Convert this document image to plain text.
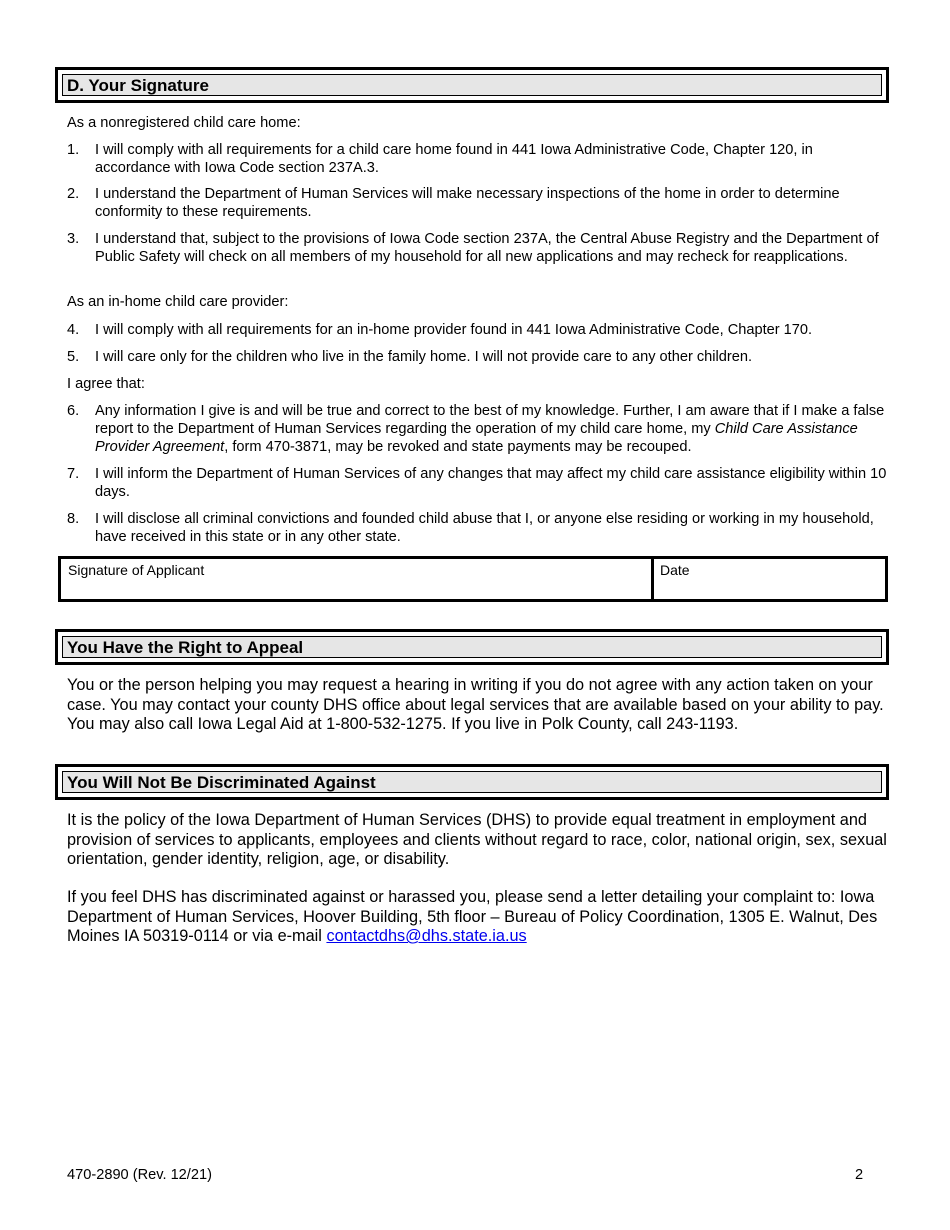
D. Your Signature

As a nonregistered child care home:

1.	I will comply with all requirements for a child care home found in 441 Iowa Administrative Code, Chapter 120, in accordance with Iowa Code section 237A.3.
2.	I understand the Department of Human Services will make necessary inspections of the home in order to determine conformity to these requirements.
3.	I understand that, subject to the provisions of Iowa Code section 237A, the Central Abuse Registry and the Department of Public Safety will check on all members of my household for all new applications and may recheck for reapplications.

As an in-home child care provider:

4.	I will comply with all requirements for an in-home provider found in 441 Iowa Administrative Code, Chapter 170.
5.	I will care only for the children who live in the family home. I will not provide care to any other children.

I agree that:

6.	Any information I give is and will be true and correct to the best of my knowledge. Further, I am aware that if I make a false report to the Department of Human Services regarding the operation of my child care home, my Child Care Assistance Provider Agreement, form 470-3871, may be revoked and state payments may be recouped.
7.	I will inform the Department of Human Services of any changes that may affect my child care assistance eligibility within 10 days.
8.	I will disclose all criminal convictions and founded child abuse that I, or anyone else residing or working in my household, have received in this state or in any other state.
Signature of Applicant	Date
You Have the Right to Appeal

You or the person helping you may request a hearing in writing if you do not agree with any action taken on your case. You may contact your county DHS office about legal services that are available based on your ability to pay. You may also call Iowa Legal Aid at 1-800-532-1275. If you live in Polk County, call 243-1193.

You Will Not Be Discriminated Against

It is the policy of the Iowa Department of Human Services (DHS) to provide equal treatment in employment and provision of services to applicants, employees and clients without regard to race, color, national origin, sex, sexual orientation, gender identity, religion, age, or disability.

If you feel DHS has discriminated against or harassed you, please send a letter detailing your complaint to: Iowa Department of Human Services, Hoover Building, 5th floor – Bureau of Policy Coordination, 1305 E. Walnut, Des Moines IA 50319-0114 or via e-mail contactdhs@dhs.state.ia.us

470-2890 (Rev. 12/21)	2
